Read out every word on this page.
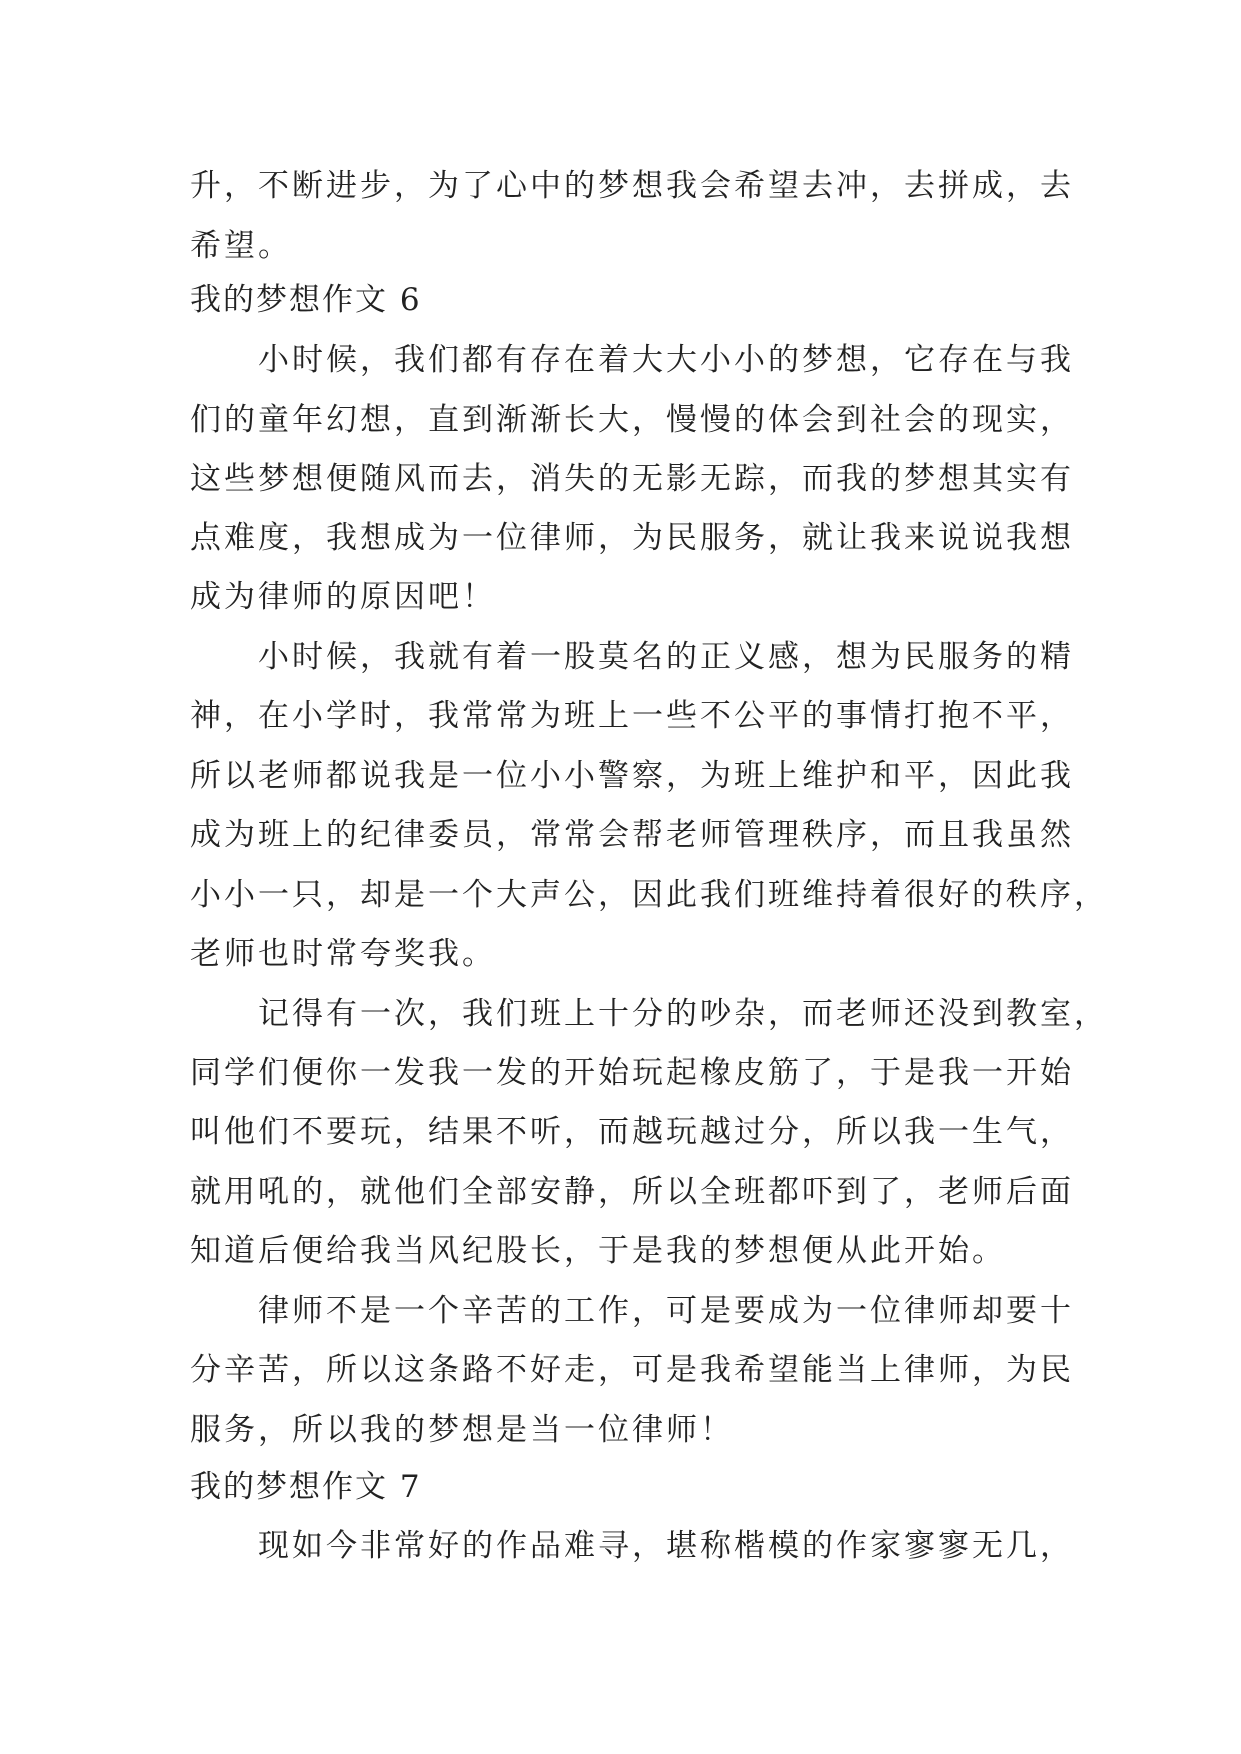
升，不断进步，为了心中的梦想我会希望去冲，去拼成，去
希望。
我的梦想作文 6
小时候，我们都有存在着大大小小的梦想，它存在与我
们的童年幻想，直到渐渐长大，慢慢的体会到社会的现实，
这些梦想便随风而去，消失的无影无踪，而我的梦想其实有
点难度，我想成为一位律师，为民服务，就让我来说说我想
成为律师的原因吧！
小时候，我就有着一股莫名的正义感，想为民服务的精
神，在小学时，我常常为班上一些不公平的事情打抱不平，
所以老师都说我是一位小小警察，为班上维护和平，因此我
成为班上的纪律委员，常常会帮老师管理秩序，而且我虽然
小小一只，却是一个大声公，因此我们班维持着很好的秩序，
老师也时常夸奖我。
记得有一次，我们班上十分的吵杂，而老师还没到教室，
同学们便你一发我一发的开始玩起橡皮筋了，于是我一开始
叫他们不要玩，结果不听，而越玩越过分，所以我一生气，
就用吼的，就他们全部安静，所以全班都吓到了，老师后面
知道后便给我当风纪股长，于是我的梦想便从此开始。
律师不是一个辛苦的工作，可是要成为一位律师却要十
分辛苦，所以这条路不好走，可是我希望能当上律师，为民
服务，所以我的梦想是当一位律师！
我的梦想作文 7
现如今非常好的作品难寻，堪称楷模的作家寥寥无几，
